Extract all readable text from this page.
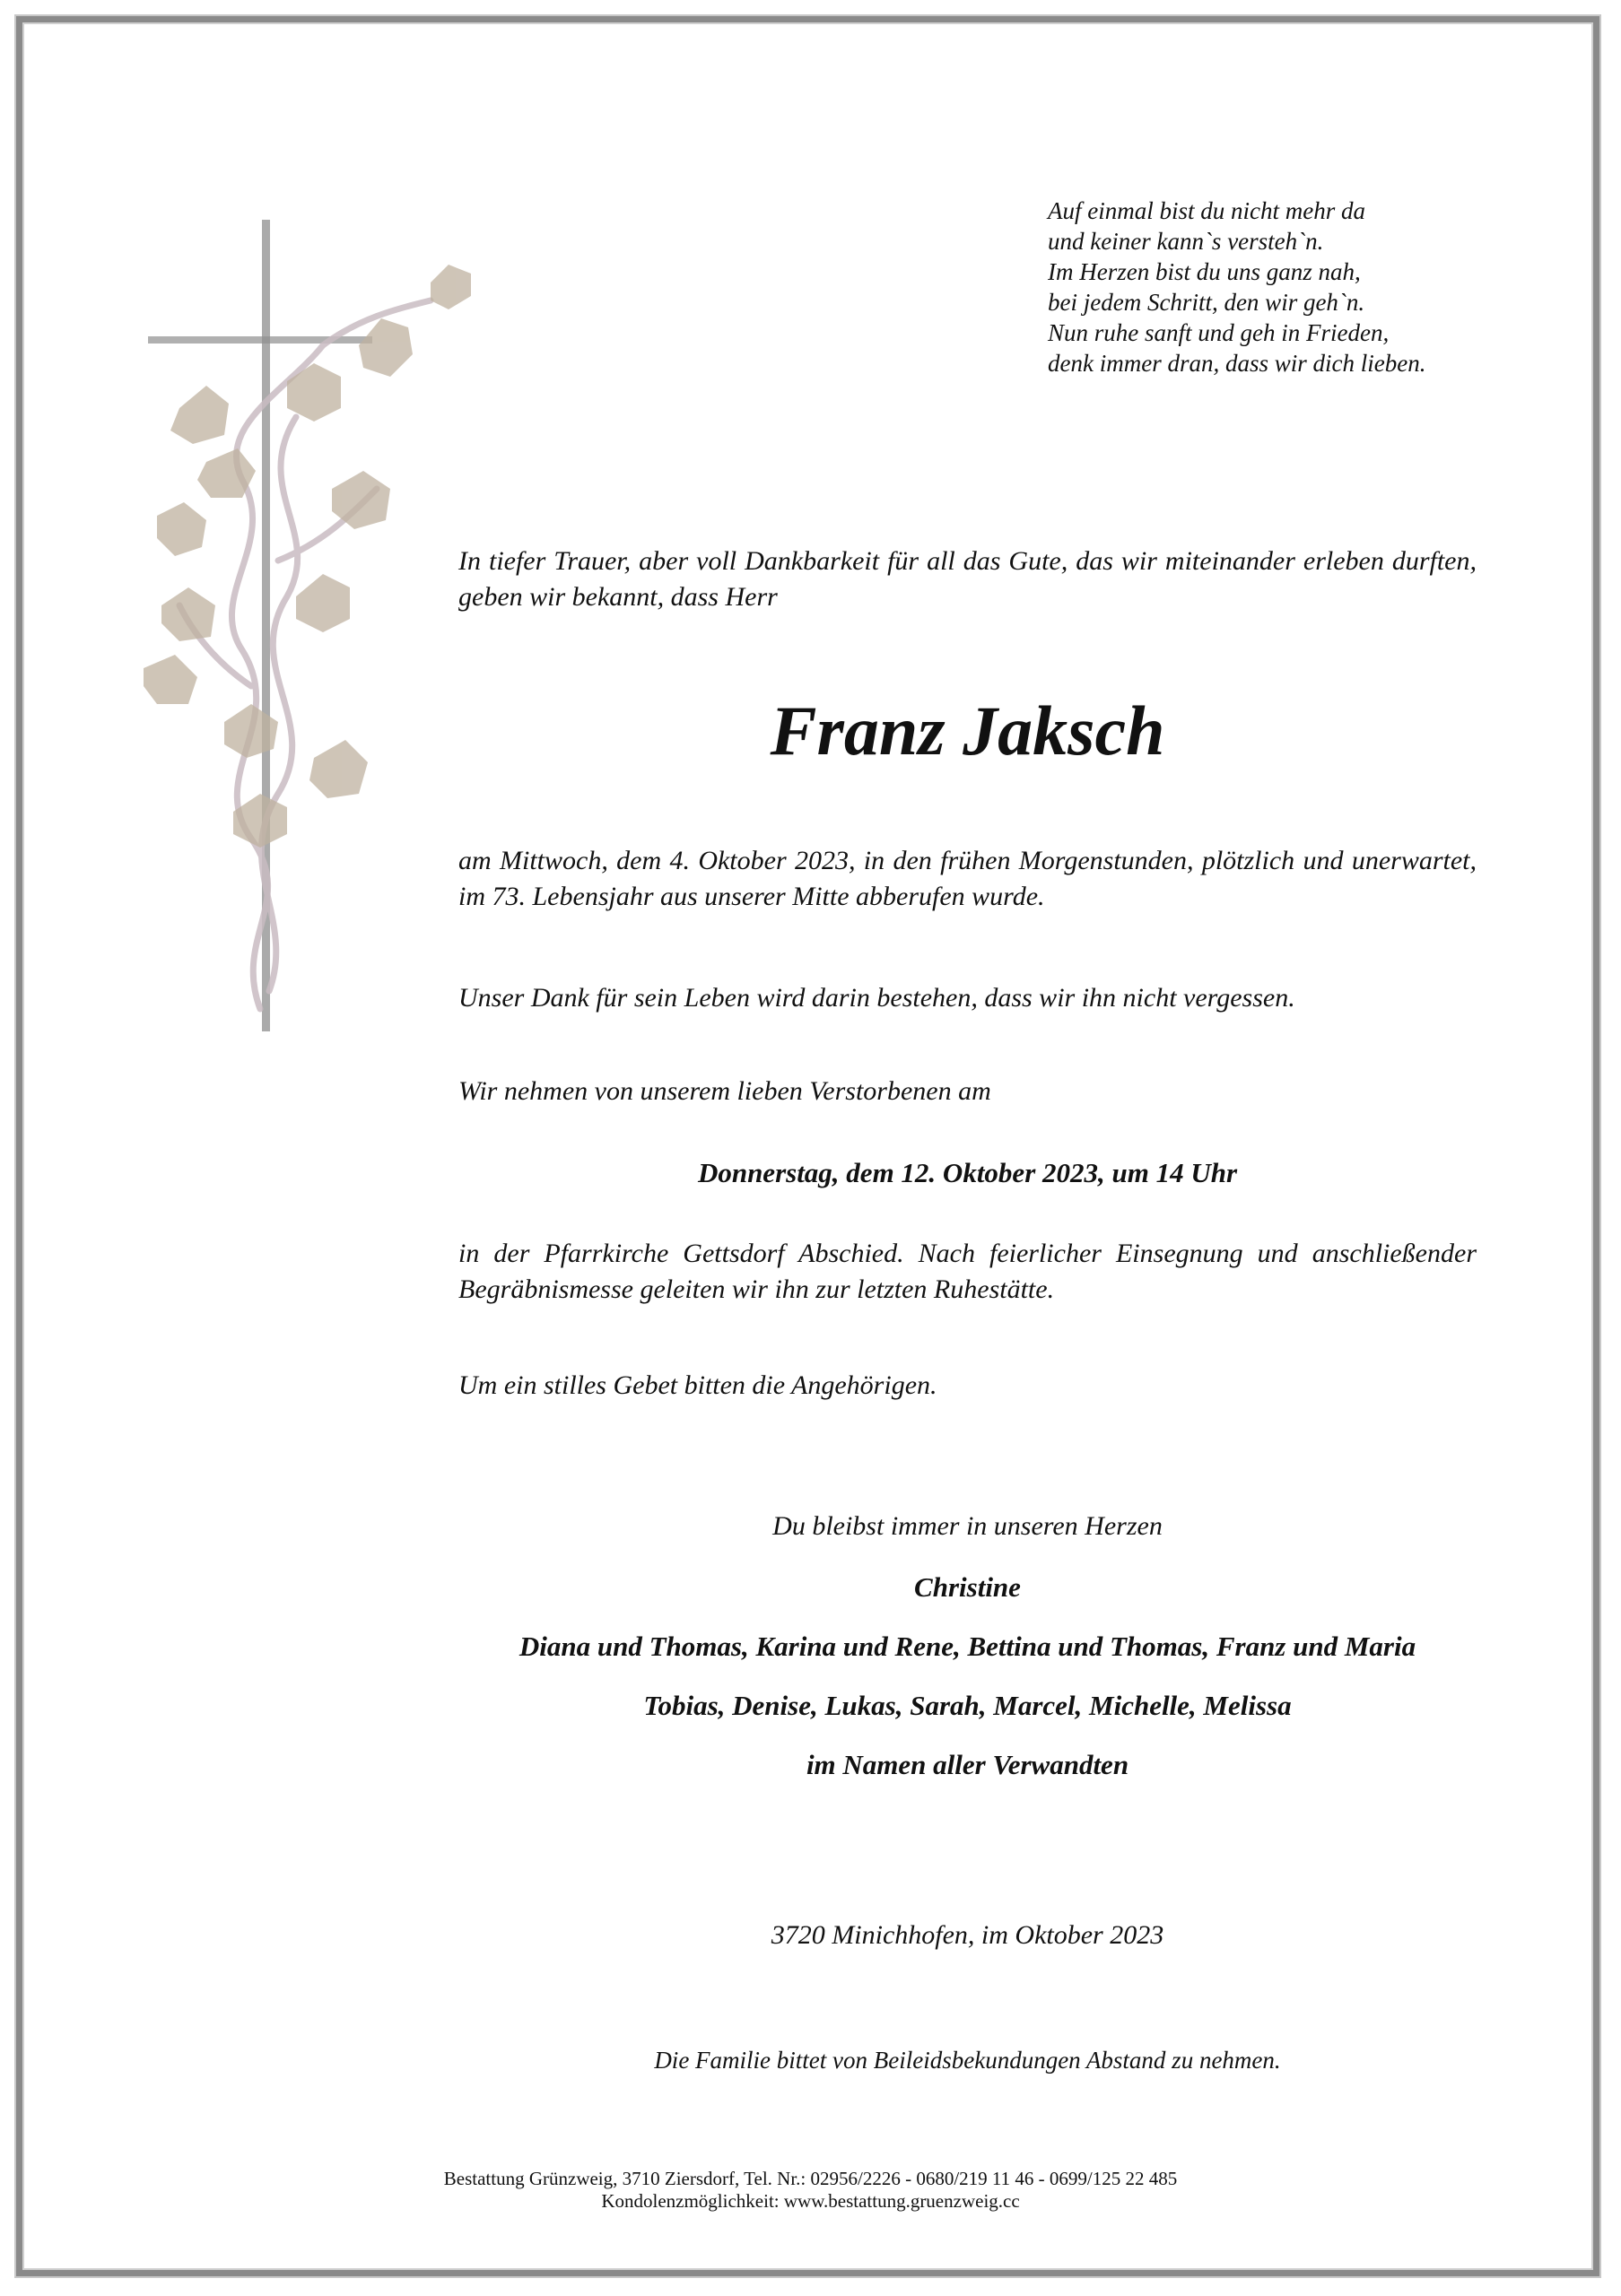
Auf einmal bist du nicht mehr da
und keiner kann`s versteh`n.
Im Herzen bist du uns ganz nah,
bei jedem Schritt, den wir geh`n.
Nun ruhe sanft und geh in Frieden,
denk immer dran, dass wir dich lieben.
In tiefer Trauer, aber voll Dankbarkeit für all das Gute, das wir miteinander erleben durften, geben wir bekannt, dass Herr
Franz Jaksch
am Mittwoch, dem 4. Oktober 2023, in den frühen Morgenstunden, plötzlich und unerwartet, im 73. Lebensjahr aus unserer Mitte abberufen wurde.
Unser Dank für sein Leben wird darin bestehen, dass wir ihn nicht vergessen.
Wir nehmen von unserem lieben Verstorbenen am
Donnerstag, dem 12. Oktober 2023, um 14 Uhr
in der Pfarrkirche Gettsdorf Abschied. Nach feierlicher Einsegnung und anschließender Begräbnismesse geleiten wir ihn zur letzten Ruhestätte.
Um ein stilles Gebet bitten die Angehörigen.
Du bleibst immer in unseren Herzen
Christine
Diana und Thomas, Karina und Rene, Bettina und Thomas, Franz und Maria
Tobias, Denise, Lukas, Sarah, Marcel, Michelle, Melissa
im Namen aller Verwandten
3720 Minichhofen, im Oktober 2023
Die Familie bittet von Beileidsbekundungen Abstand zu nehmen.
Bestattung Grünzweig, 3710 Ziersdorf, Tel. Nr.: 02956/2226 - 0680/219 11 46 - 0699/125 22 485
Kondolenzmöglichkeit: www.bestattung.gruenzweig.cc
